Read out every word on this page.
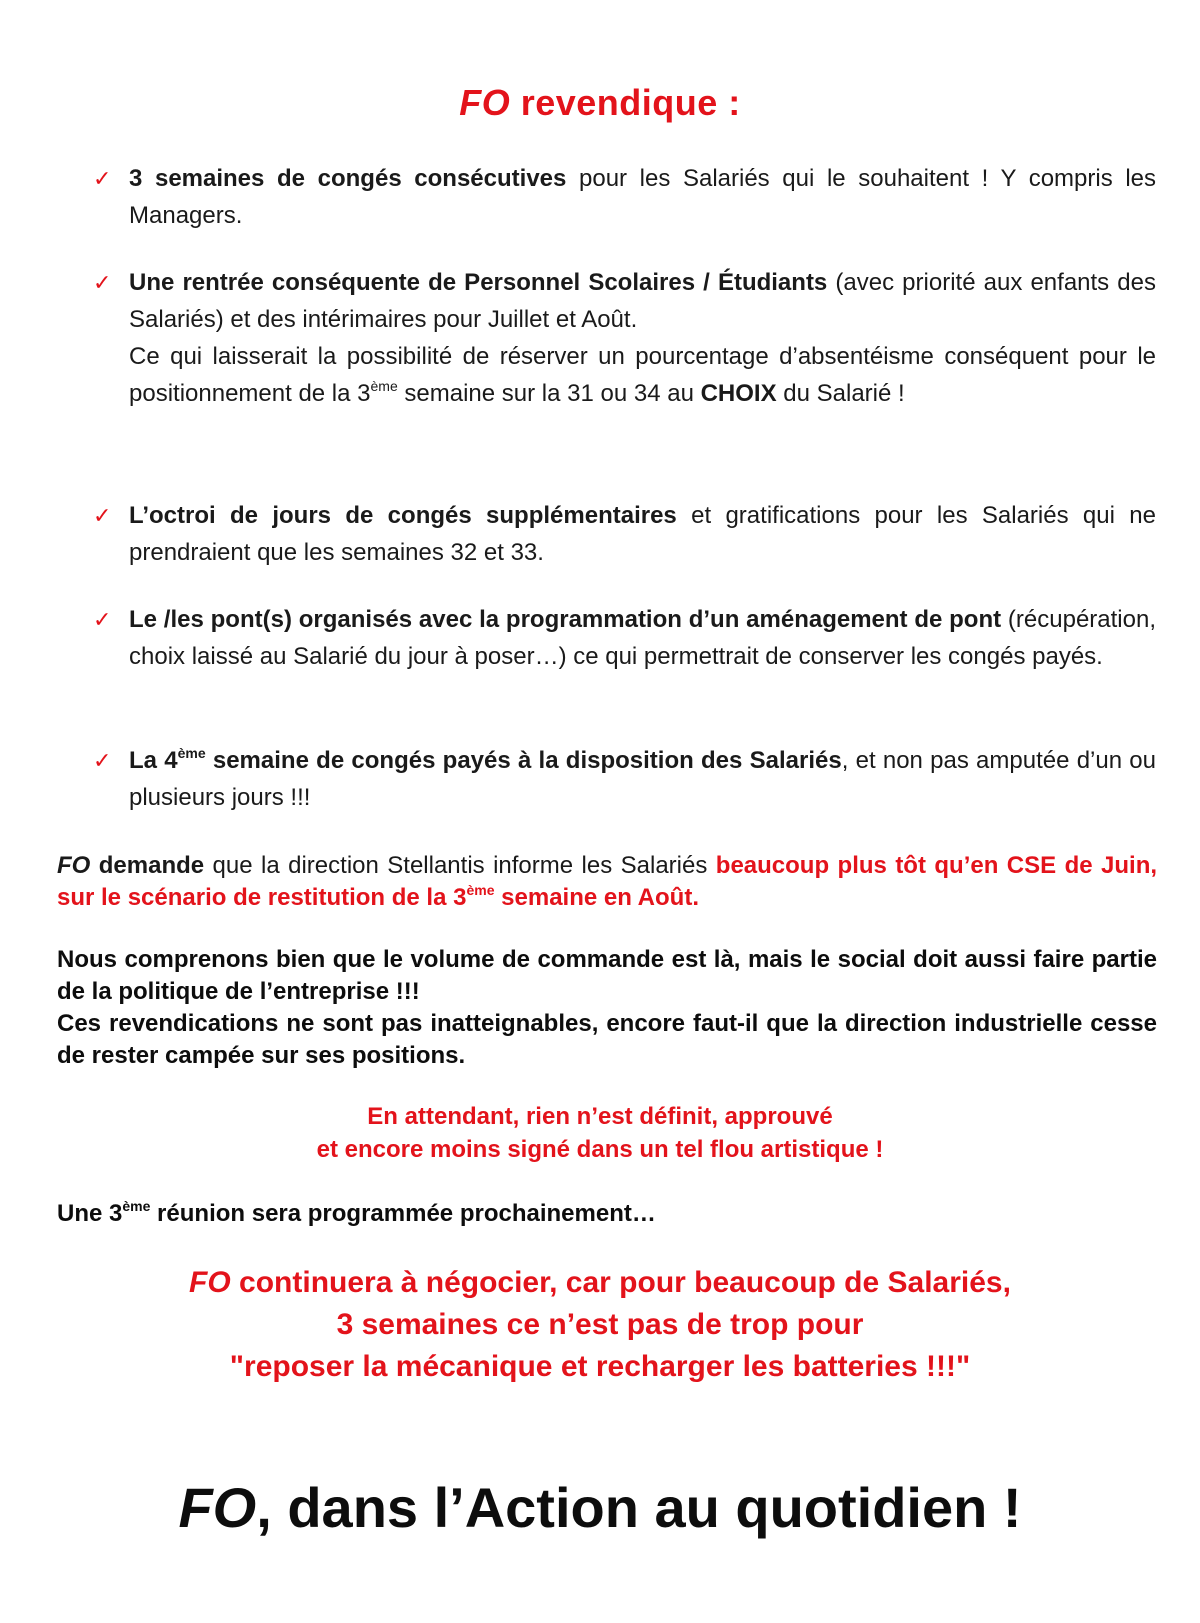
FO revendique :
✓ 3 semaines de congés consécutives pour les Salariés qui le souhaitent ! Y compris les Managers.
✓ Une rentrée conséquente de Personnel Scolaires / Étudiants (avec priorité aux enfants des Salariés) et des intérimaires pour Juillet et Août.
Ce qui laisserait la possibilité de réserver un pourcentage d’absentéisme conséquent pour le positionnement de la 3ème semaine sur la 31 ou 34 au CHOIX du Salarié !
✓ L’octroi de jours de congés supplémentaires et gratifications pour les Salariés qui ne prendraient que les semaines 32 et 33.
✓ Le /les pont(s) organisés avec la programmation d’un aménagement de pont (récupération, choix laissé au Salarié du jour à poser…) ce qui permettrait de conserver les congés payés.
✓ La 4ème semaine de congés payés à la disposition des Salariés, et non pas amputée d’un ou plusieurs jours !!!
FO demande que la direction Stellantis informe les Salariés beaucoup plus tôt qu’en CSE de Juin, sur le scénario de restitution de la 3ème semaine en Août.
Nous comprenons bien que le volume de commande est là, mais le social doit aussi faire partie de la politique de l’entreprise !!!
Ces revendications ne sont pas inatteignables, encore faut-il que la direction industrielle cesse de rester campée sur ses positions.
En attendant, rien n’est définit, approuvé
et encore moins signé dans un tel flou artistique !
Une 3ème réunion sera programmée prochainement…
FO continuera à négocier, car pour beaucoup de Salariés,
3 semaines ce n’est pas de trop pour
"reposer la mécanique et recharger les batteries !!!"
FO, dans l’Action au quotidien !
